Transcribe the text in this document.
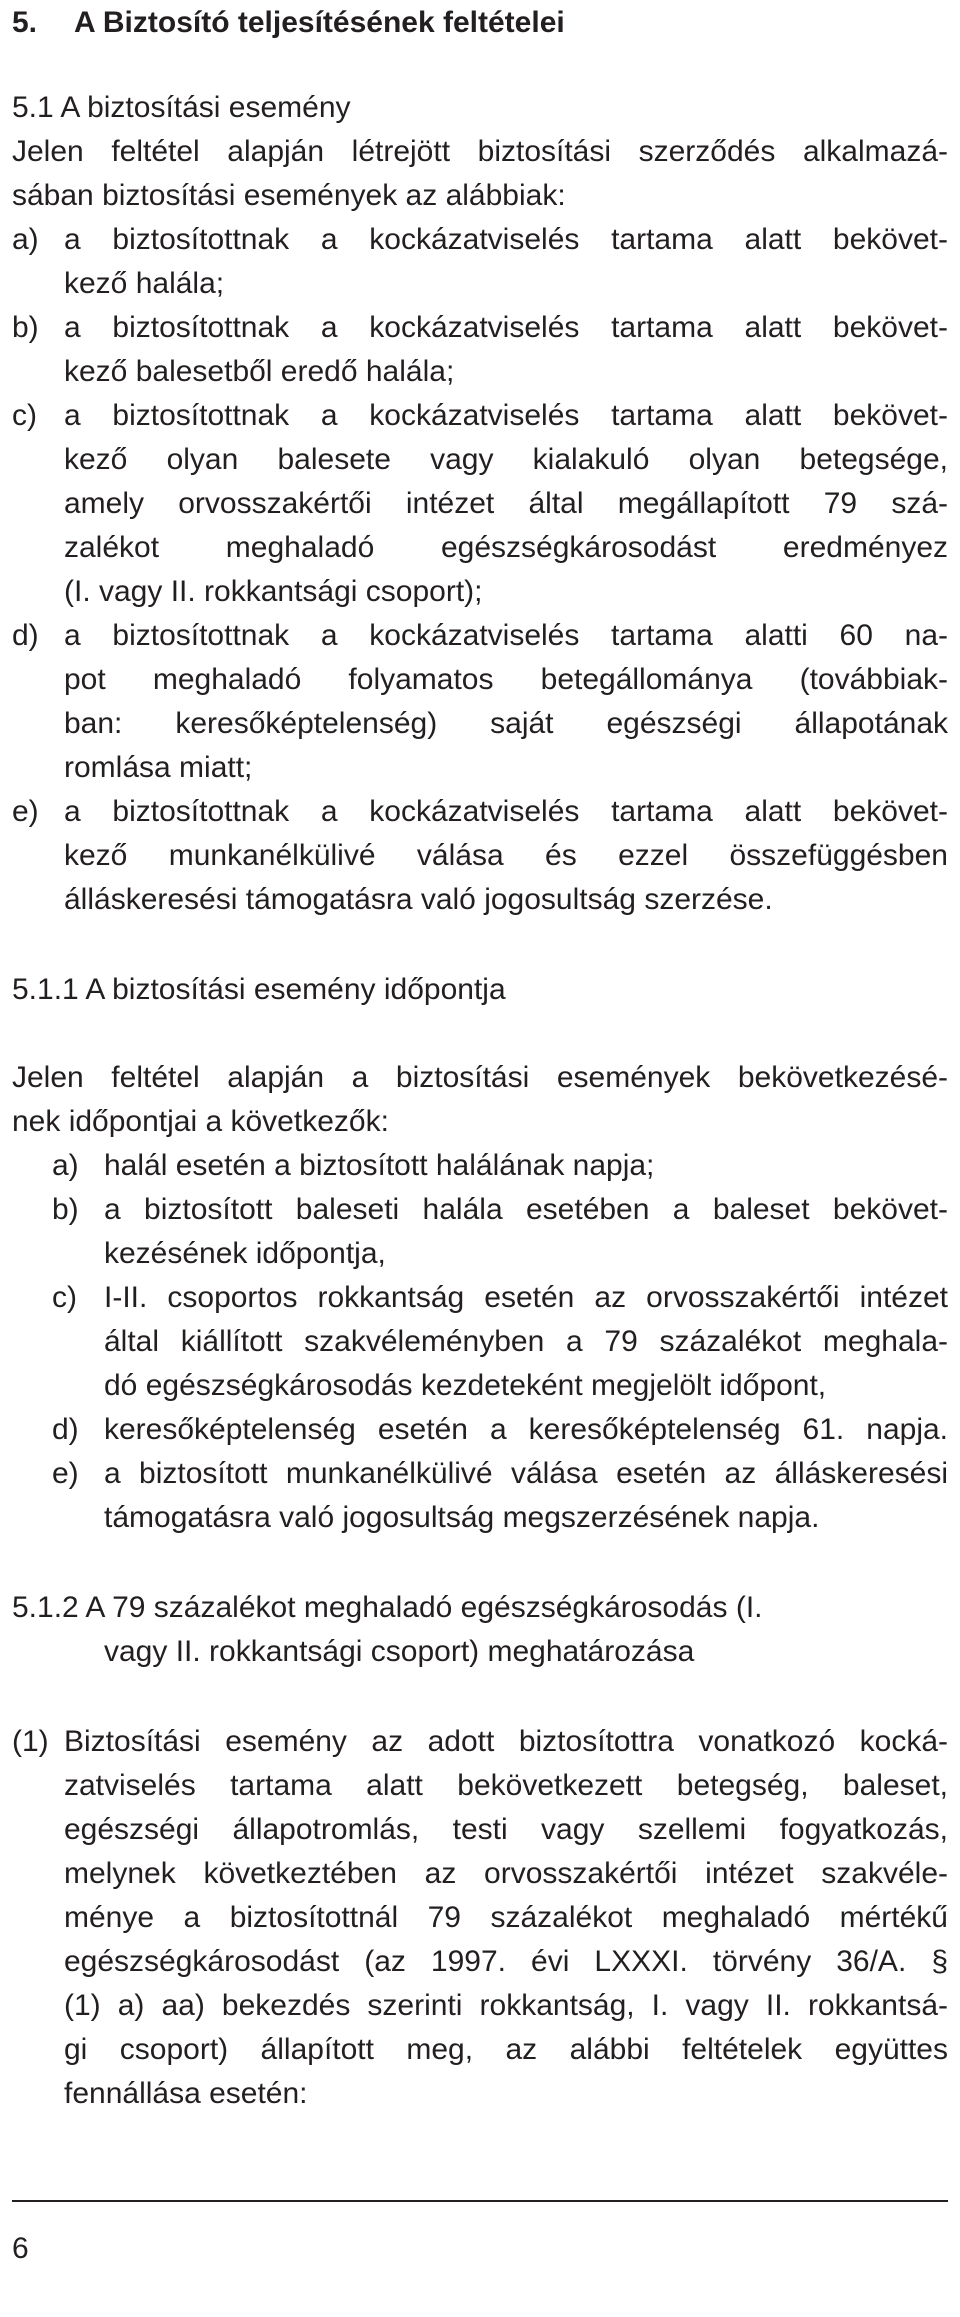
5. A Biztosító teljesítésének feltételei
5.1 A biztosítási esemény
Jelen feltétel alapján létrejött biztosítási szerződés alkalmazá-
sában biztosítási események az alábbiak:
a) a biztosítottnak a kockázatviselés tartama alatt bekövet-
kező halála;
b) a biztosítottnak a kockázatviselés tartama alatt bekövet-
kező balesetből eredő halála;
c) a biztosítottnak a kockázatviselés tartama alatt bekövet-
kező olyan balesete vagy kialakuló olyan betegsége,
amely orvosszakértői intézet által megállapított 79 szá-
zalékot meghaladó egészségkárosodást eredményez
(I. vagy II. rokkantsági csoport);
d) a biztosítottnak a kockázatviselés tartama alatti 60 na-
pot meghaladó folyamatos betegállománya (továbbiak-
ban: keresőképtelenség) saját egészségi állapotának
romlása miatt;
e) a biztosítottnak a kockázatviselés tartama alatt bekövet-
kező munkanélkülivé válása és ezzel összefüggésben
álláskeresési támogatásra való jogosultság szerzése.
5.1.1 A biztosítási esemény időpontja
Jelen feltétel alapján a biztosítási események bekövetkezésé-
nek időpontjai a következők:
a) halál esetén a biztosított halálának napja;
b) a biztosított baleseti halála esetében a baleset bekövet-
kezésének időpontja,
c) I-II. csoportos rokkantság esetén az orvosszakértői intézet
által kiállított szakvéleményben a 79 százalékot meghala-
dó egészségkárosodás kezdeteként megjelölt időpont,
d) keresőképtelenség esetén a keresőképtelenség 61. napja.
e) a biztosított munkanélkülivé válása esetén az álláskeresési
támogatásra való jogosultság megszerzésének napja.
5.1.2 A 79 százalékot meghaladó egészségkárosodás (I.
vagy II. rokkantsági csoport) meghatározása
(1) Biztosítási esemény az adott biztosítottra vonatkozó kocká-
zatviselés tartama alatt bekövetkezett betegség, baleset,
egészségi állapotromlás, testi vagy szellemi fogyatkozás,
melynek következtében az orvosszakértői intézet szakvéle-
ménye a biztosítottnál 79 százalékot meghaladó mértékű
egészségkárosodást (az 1997. évi LXXXI. törvény 36/A. §
(1) a) aa) bekezdés szerinti rokkantság, I. vagy II. rokkantsá-
gi csoport) állapított meg, az alábbi feltételek együttes
fennállása esetén:
6
